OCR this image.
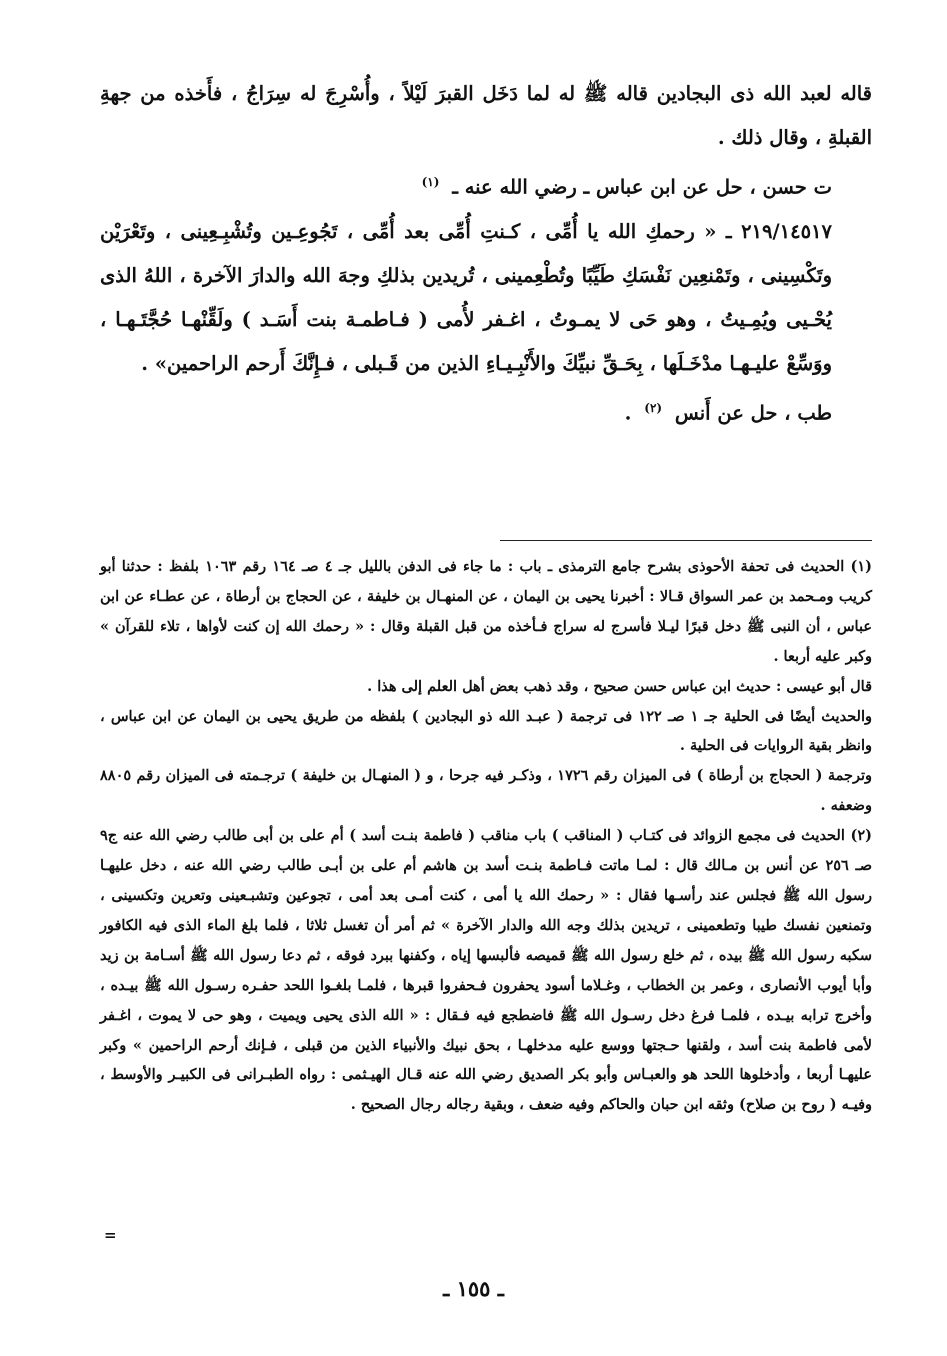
قاله لعبد الله ذى البجادين قاله ﷺ له لما دَخَل القبرَ لَيْلاً ، وأُسْرِجَ له سِرَاجُ ، فأَخذه من جهةِ القبلةِ ، وقال ذلك .

ت حسن ، حل عن ابن عباس ـ رضي الله عنه ـ $^{(١)}$

٢١٩/١٤٥١٧ ـ « رحمكِ الله يا أُمِّى ، كـنتِ أُمِّى بعد أُمِّى ، تَجُوعِـين وتُشْبِـعِينى ، وتَعْرَيْن وتَكْسِينى ، وتَمْنعِين نَفْسَكِ طَيِّبًا وتُطْعِمينى ، تُريدين بذلكِ وجهَ الله والدارَ الآخرة ، اللهُ الذى يُحْـيى ويُمِـيتُ ، وهو حَى لا يمـوتُ ، اغـفر لأُمى ( فـاطمـة بنت أَسَـد ) ولَقِّنْهـا حُجَّتَـهـا ، ووَسِّعْ عليـهـا مدْخَـلَها ، بِحَـقِّ نبيِّكَ والأَنْبِـيـاءِ الذين من قَـبلى ، فـإِنَّكَ أَرحم الراحمين» .

طب ، حل عن أَنس $^{(٢)}$ .

(١) الحديث فى تحفة الأحوذى بشرح جامع الترمذى ـ باب : ما جاء فى الدفن بالليل جـ ٤ صـ ١٦٤ رقم ١٠٦٣ بلفظ : حدثنا أبو كريب ومـحمد بن عمر السواق قـالا : أخبرنا يحيى بن اليمان ، عن المنهـال بن خليفة ، عن الحجاج بن أرطاة ، عن عطـاء عن ابن عباس ، أن النبى ﷺ دخل قبرًا ليـلا فأسرج له سراج فـأخذه من قبل القبلة وقال : « رحمك الله إن كنت لأواها ، تلاء للقرآن » وكبر عليه أربعا .

قال أبو عيسى : حديث ابن عباس حسن صحيح ، وقد ذهب بعض أهل العلم إلى هذا .

والحديث أيضًا فى الحلية جـ ١ صـ ١٢٢ فى ترجمة ( عبـد الله ذو البجادين ) بلفظه من طريق يحيى بن اليمان عن ابن عباس ، وانظر بقية الروايات فى الحلية .

وترجمة ( الحجاج بن أرطاة ) فى الميزان رقم ١٧٢٦ ، وذكـر فيه جرحا ، و ( المنهـال بن خليفة ) ترجـمته فى الميزان رقم ٨٨٠٥ وضعفه .

(٢) الحديث فى مجمع الزوائد فى كتـاب ( المناقب ) باب مناقب ( فاطمة بنـت أسد ) أم على بن أبى طالب رضي الله عنه ج٩ صـ ٢٥٦ عن أنس بن مـالك قال : لمـا ماتت فـاطمة بنـت أسد بن هاشم أم على بن أبـى طالب رضي الله عنه ، دخل عليهـا رسول الله ﷺ فجلس عند رأسـها فقال : « رحمك الله يا أمى ، كنت أمـى بعد أمى ، تجوعين وتشبـعينى وتعرين وتكسينى ، وتمنعين نفسك طيبا وتطعمينى ، تريدين بذلك وجه الله والدار الآخرة » ثم أمر أن تغسل ثلاثا ، فلما بلغ الماء الذى فيه الكافور سكبه رسول الله ﷺ بيده ، ثم خلع رسول الله ﷺ قميصه فألبسها إياه ، وكفنها ببرد فوقه ، ثم دعا رسول الله ﷺ أسـامة بن زيد وأبا أيوب الأنصارى ، وعمر بن الخطاب ، وغـلاما أسود يحفرون فـحفروا قبرها ، فلمـا بلغـوا اللحد حفـره رسـول الله ﷺ بيـده ، وأخرج ترابه بيـده ، فلمـا فرغ دخل رسـول الله ﷺ فاضطجع فيه فـقال : « الله الذى يحيى ويميت ، وهو حى لا يموت ، اغـفر لأمى فاطمة بنت أسد ، ولقنها حـجتها ووسع عليه مدخلهـا ، بحق نبيك والأنبياء الذين من قبلى ، فـإنك أرحم الراحمين » وكبر عليهـا أربعا ، وأدخلوها اللحد هو والعبـاس وأبو بكر الصديق رضي الله عنه قـال الهيـثمى : رواه الطبـرانى فى الكبيـر والأوسط ، وفيـه ( روح بن صلاح) وثقه ابن حبان والحاكم وفيه ضعف ، وبقية رجاله رجال الصحيح .

=
ـ ١٥٥ ـ
